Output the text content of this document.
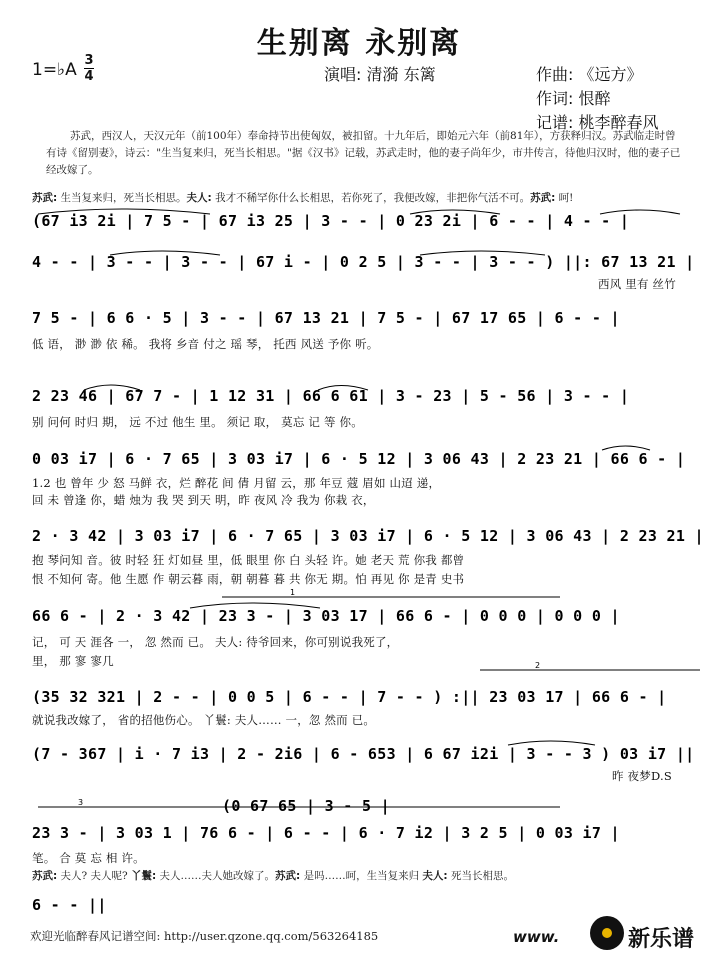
生别离 永别离
1=♭A 3
4	演唱: 清漪 东篱	作曲: 《远方》
作词: 恨醉
记谱: 桃李醉春风
苏武，西汉人，天汉元年（前100年）奉命持节出使匈奴，被扣留。十九年后，即始元六年（前81年），方获释归汉。苏武临走时曾有诗《留别妻》，诗云："生当复来归，死当长相思。"据《汉书》记载，苏武走时，他的妻子尚年少，市井传言，待他归汉时，他的妻子已经改嫁了。
苏武: 生当复来归，死当长相思。夫人: 我才不稀罕你什么长相思，若你死了，我便改嫁，非把你气活不可。苏武: 呵!
(67 i3 2i | 7 5 - | 67 i3 25 | 3 - - | 0 23 2i | 6 - - | 4 - - |
4 - - | 3 - - | 3 - - | 67 i - | 0 2 5 | 3 - - | 3 - - ) ||: 67 13 21 |
西风 里有 丝竹
7 5 - | 6 6 · 5 | 3 - - | 67 13 21 | 7 5 - | 67 17 65 | 6 - - |
低 语， 渺 渺 依 稀。 我将 乡音 付之 瑶 琴， 托西 风送 予你 听。
2 23 46 | 67 7 - | 1 12 31 | 66 6 61 | 3 - 23 | 5 - 56 | 3 - - |
别 问何 时归 期， 远 不过 他生 里。 须记 取， 莫忘 记 等 你。
0 03 i7 | 6 · 7 65 | 3 03 i7 | 6 · 5 12 | 3 06 43 | 2 23 21 | 66 6 - |
1.2 也 曾年 少 怒 马鲜 衣，烂 醉花 间 倩 月留 云，那 年豆 蔻 眉如 山迢 递，
回 未 曾逢 你，蜡 烛为 我 哭 到天 明，昨 夜风 冷 我为 你栽 衣，
2 · 3 42 | 3 03 i7 | 6 · 7 65 | 3 03 i7 | 6 · 5 12 | 3 06 43 | 2 23 21 |
抱 琴问知 音。彼 时轻 狂 灯如昼 里，低 眼里 你 白 头轻 许。她 老天 荒 你我 都曾
恨 不知何 寄。他 生愿 作 朝云暮 雨，朝 朝暮 暮 共 你无 期。怕 再见 你 是青 史书
66 6 - | 2 · 3 42 | 23 3 - | 3 03 17 | 66 6 - | 0 0 0 | 0 0 0 |
记， 可 天 涯各 一， 忽 然而 已。 夫人: 待爷回来，你可别说我死了，
里， 那 寥 寥几
(35 32 321 | 2 - - | 0 0 5 | 6 - - | 7 - - ) :|| 23 03 17 | 66 6 - |
就说我改嫁了， 省的招他伤心。 丫鬟: 夫人…… 一，忽 然而 已。
(7 - 367 | i · 7 i3 | 2 - 2i6 | 6 - 653 | 6 67 i2i | 3 - - 3 ) 03 i7 ||
昨 夜梦D.S
(0 67 65 | 3 - 5 |
23 3 - | 3 03 1 | 76 6 - | 6 - - | 6 · 7 i2 | 3 2 5 | 0 03 i7 |
笔。 合 莫 忘 相 许。
苏武: 夫人? 夫人呢? 丫鬟: 夫人……夫人她改嫁了。苏武: 是吗……呵，生当复来归 夫人: 死当长相思。
6 - - ||
1
2
3
欢迎光临醉春风记谱空间: http://user.qzone.qq.com/563264185	www.	新乐谱
